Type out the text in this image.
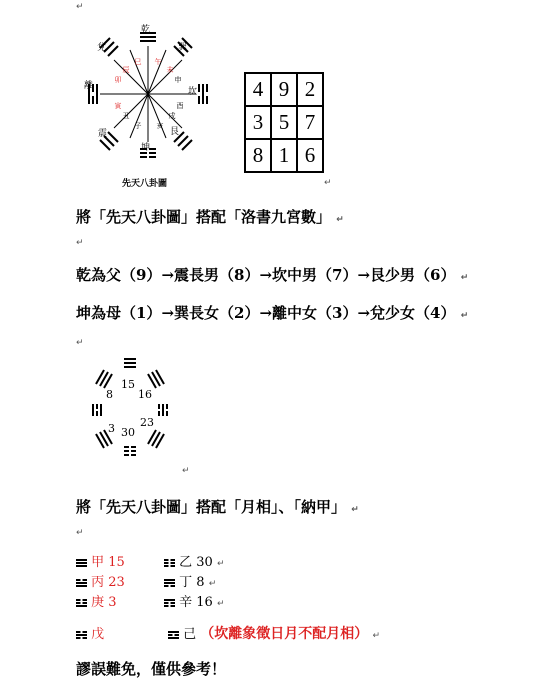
↵
午
未
申
酉
戌
亥
子
丑
寅
卯
辰
巳
乾
巽
坎
艮
坤
震
離
兌
先天八卦圖
4	9	2
3	5	7
8	1	6
↵
將「先天八卦圖」搭配「洛書九宮數」 ↵
↵
乾為父（9）→震長男（8）→坎中男（7）→艮少男（6） ↵
坤為母（1）→巽長女（2）→離中女（3）→兌少女（4） ↵
↵
15
16
8
23
3 30
↵
將「先天八卦圖」搭配「月相」、「納甲」 ↵
↵
甲 15	乙 30 ↵
丙 23	丁 8 ↵
庚 3	辛 16 ↵
戊	己 （坎離象徵日月不配月相） ↵
謬誤難免，僅供參考！
